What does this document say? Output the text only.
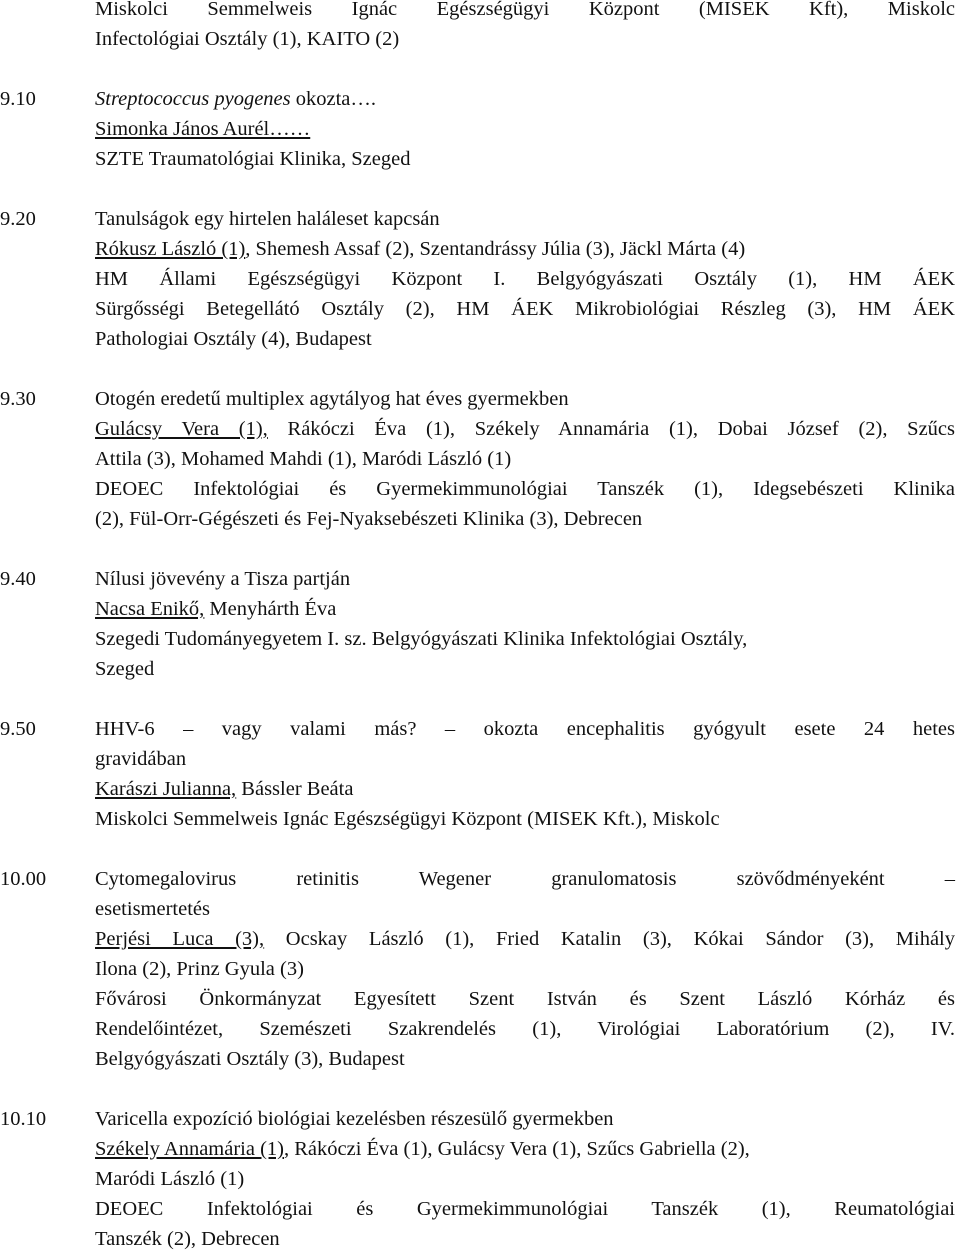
Miskolci Semmelweis Ignác Egészségügyi Központ (MISEK Kft), Miskolc
Infectológiai Osztály (1), KAITO (2)
9.10	Streptococcus pyogenes okozta….
Simonka János Aurél……
SZTE Traumatológiai Klinika, Szeged
9.20	Tanulságok egy hirtelen haláleset kapcsán
Rókusz László (1), Shemesh Assaf (2), Szentandrássy Júlia (3), Jäckl Márta (4)
HM Állami Egészségügyi Központ I. Belgyógyászati Osztály (1), HM ÁEK
Sürgősségi Betegellátó Osztály (2), HM ÁEK Mikrobiológiai Részleg (3), HM ÁEK
Pathologiai Osztály (4), Budapest
9.30	Otogén eredetű multiplex agytályog hat éves gyermekben
Gulácsy Vera (1), Rákóczi Éva (1), Székely Annamária (1), Dobai József (2), Szűcs
Attila (3), Mohamed Mahdi (1), Maródi László (1)
DEOEC Infektológiai és Gyermekimmunológiai Tanszék (1), Idegsebészeti Klinika
(2), Fül-Orr-Gégészeti és Fej-Nyaksebészeti Klinika (3), Debrecen
9.40	Nílusi jövevény a Tisza partján
Nacsa Enikő, Menyhárth Éva
Szegedi Tudományegyetem I. sz. Belgyógyászati Klinika Infektológiai Osztály,
Szeged
9.50	HHV-6 – vagy valami más? – okozta encephalitis gyógyult esete 24 hetes
gravidában
Karászi Julianna, Bássler Beáta
Miskolci Semmelweis Ignác Egészségügyi Központ (MISEK Kft.), Miskolc
10.00	Cytomegalovirus retinitis Wegener granulomatosis szövődményeként –
esetismertetés
Perjési Luca (3), Ocskay László (1), Fried Katalin (3), Kókai Sándor (3), Mihály
Ilona (2), Prinz Gyula (3)
Fővárosi Önkormányzat Egyesített Szent István és Szent László Kórház és
Rendelőintézet, Szemészeti Szakrendelés (1), Virológiai Laboratórium (2), IV.
Belgyógyászati Osztály (3), Budapest
10.10	Varicella expozíció biológiai kezelésben részesülő gyermekben
Székely Annamária (1), Rákóczi Éva (1), Gulácsy Vera (1), Szűcs Gabriella (2),
Maródi László (1)
DEOEC Infektológiai és Gyermekimmunológiai Tanszék (1), Reumatológiai
Tanszék (2), Debrecen
